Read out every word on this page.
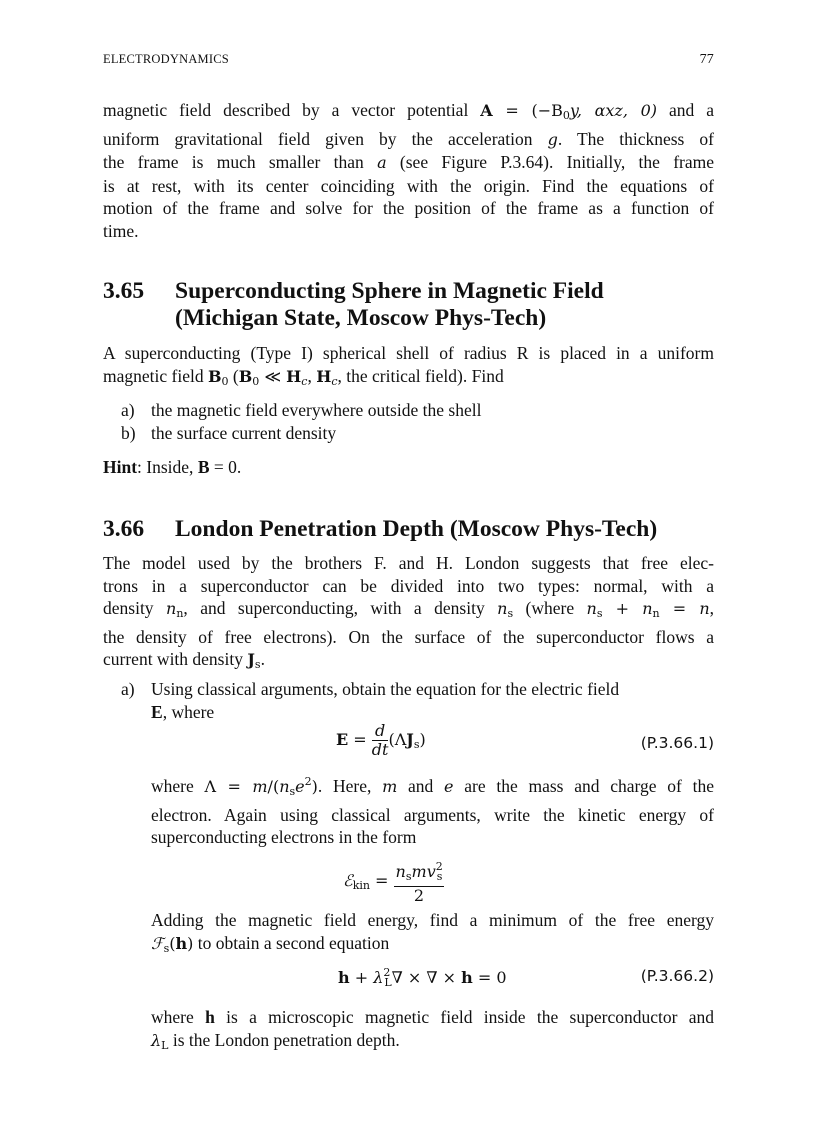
ELECTRODYNAMICS	77

magnetic field described by a vector potential $A = (-B_0y$, αxz, 0) and a

uniform gravitational field given by the acceleration g. The thickness of

the frame is much smaller than a (see Figure P.3.64). Initially, the frame

is at rest, with its center coinciding with the origin. Find the equations of

motion of the frame and solve for the position of the frame as a function of

time.

3.65 Superconducting Sphere in Magnetic Field
(Michigan State, Moscow Phys-Tech)

A superconducting (Type I) spherical shell of radius R is placed in a uniform

magnetic field $B_0$ ($B_0$ ≪ $H_c$, $H_c$, the critical field). Find

a) the magnetic field everywhere outside the shell
b) the surface current density

Hint: Inside, B = 0.

3.66 London Penetration Depth (Moscow Phys-Tech)

The model used by the brothers F. and H. London suggests that free elec-

trons in a superconductor can be divided into two types: normal, with a

density $n_n$, and superconducting, with a density $n_s$ (where $n_s + n_n = n$,

the density of free electrons). On the surface of the superconductor flows a

current with density $J_s$.

a) Using classical arguments, obtain the equation for the electric field
E, where
$E = \frac{d}{dt} (\Lambda J_s)$	(P.3.66.1)

where $\Lambda = m/(n_se^2)$. Here, m and e are the mass and charge of the

electron. Again using classical arguments, write the kinetic energy of

superconducting electrons in the form

ℰ$_{kin}$ = $\frac{n_smv^2_s}{2}$

Adding the magnetic field energy, find a minimum of the free energy

ℱ$_s$(h) to obtain a second equation

$h + \lambda^2_L\nabla$ × ∇ × h = 0	(P.3.66.2)

where h is a microscopic magnetic field inside the superconductor and

$\lambda_L$ is the London penetration depth.
